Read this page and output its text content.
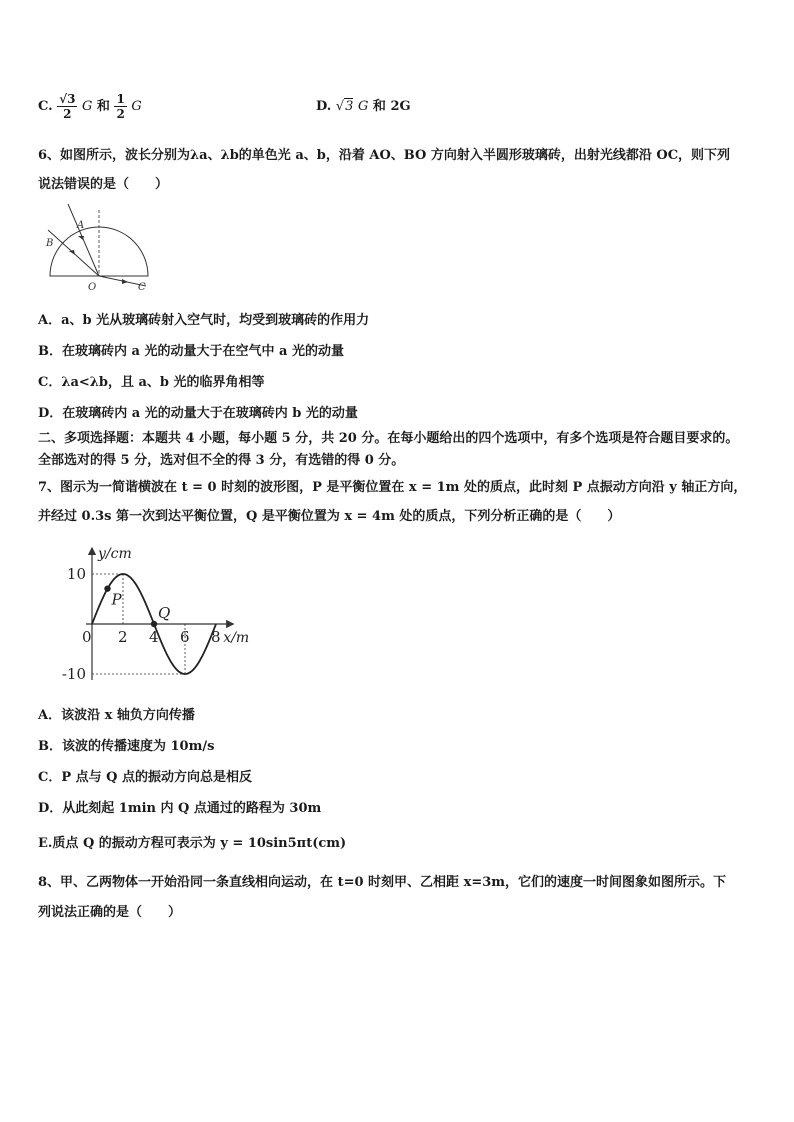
C. $\frac{√3}{2}$ G 和 $\frac{1}{2}$ G	D. √3 G 和 2G
6、如图所示，波长分别为λa、λb的单色光 a、b，沿着 AO、BO 方向射入半圆形玻璃砖，出射光线都沿 OC，则下列
说法错误的是（　　）
A
B
O	C
A．a、b 光从玻璃砖射入空气时，均受到玻璃砖的作用力
B．在玻璃砖内 a 光的动量大于在空气中 a 光的动量
C．λa<λb，且 a、b 光的临界角相等
D．在玻璃砖内 a 光的动量大于在玻璃砖内 b 光的动量
二、多项选择题：本题共 4 小题，每小题 5 分，共 20 分。在每小题给出的四个选项中，有多个选项是符合题目要求的。
全部选对的得 5 分，选对但不全的得 3 分，有选错的得 0 分。
7、图示为一简谐横波在 t = 0 时刻的波形图，P 是平衡位置在 x = 1m 处的质点，此时刻 P 点振动方向沿 y 轴正方向，
并经过 0.3s 第一次到达平衡位置，Q 是平衡位置为 x = 4m 处的质点，下列分析正确的是（　　）
P
Q
0 2 4 6 8
10
-10
x/m
y/cm
A．该波沿 x 轴负方向传播
B．该波的传播速度为 10m/s
C．P 点与 Q 点的振动方向总是相反
D．从此刻起 1min 内 Q 点通过的路程为 30m
E.质点 Q 的振动方程可表示为 y = 10sin5πt(cm)
8、甲、乙两物体一开始沿同一条直线相向运动，在 t=0 时刻甲、乙相距 x=3m，它们的速度一时间图象如图所示。下
列说法正确的是（　　）
